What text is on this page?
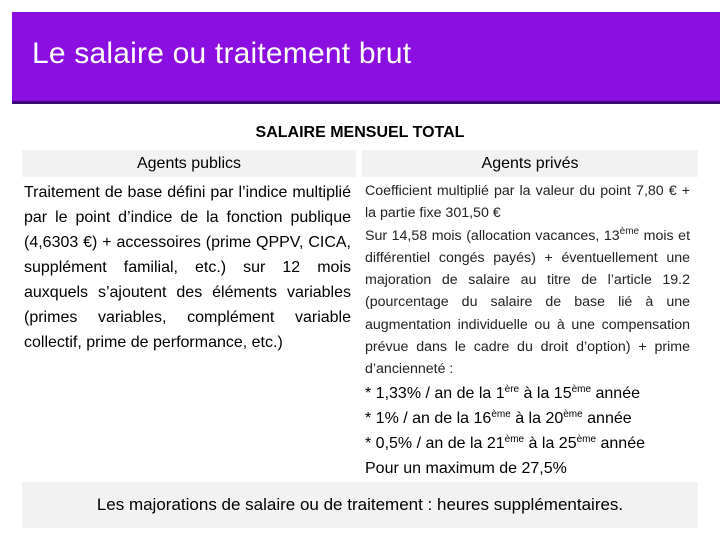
Le salaire ou traitement brut
SALAIRE MENSUEL TOTAL
Agents publics	Agents privés
Traitement de base défini par l’indice multiplié par le point d’indice de la fonction publique (4,6303 €) + accessoires (prime QPPV, CICA, supplément familial, etc.) sur 12 mois auxquels s’ajoutent des éléments variables (primes variables, complément variable collectif, prime de performance, etc.)
Coefficient multiplié par la valeur du point 7,80 € + la partie fixe 301,50 €
Sur 14,58 mois (allocation vacances, 13ème mois et différentiel congés payés) + éventuellement une majoration de salaire au titre de l’article 19.2 (pourcentage du salaire de base lié à une augmentation individuelle ou à une compensation prévue dans le cadre du droit d’option) + prime d’ancienneté :
* 1,33% / an de la 1ère à la 15ème année
* 1% / an de la 16ème à la 20ème année
* 0,5% / an de la 21ème à la 25ème année
Pour un maximum de 27,5%
Les majorations de salaire ou de traitement : heures supplémentaires.
